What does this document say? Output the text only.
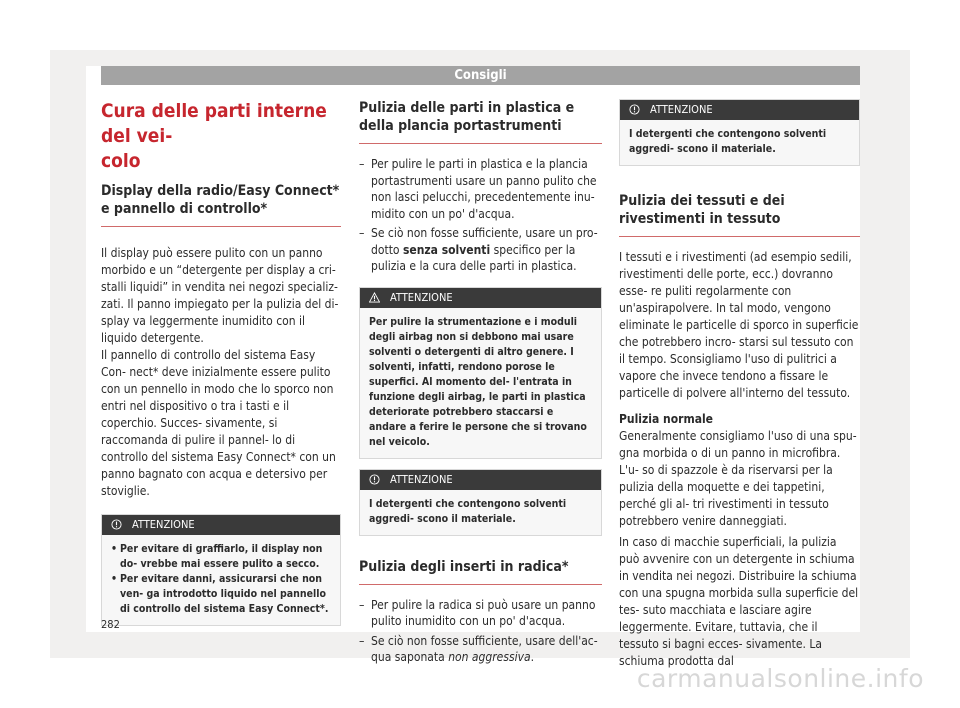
Consigli
Cura delle parti interne del vei-
colo
Display della radio/Easy Connect* e pannello di controllo*

Il display può essere pulito con un panno morbido e un “detergente per display a cri- stalli liquidi” in vendita nei negozi specializ- zati. Il panno impiegato per la pulizia del di- splay va leggermente inumidito con il liquido detergente.

Il pannello di controllo del sistema Easy Con- nect* deve inizialmente essere pulito con un pennello in modo che lo sporco non entri nel dispositivo o tra i tasti e il coperchio. Succes- sivamente, si raccomanda di pulire il pannel- lo di controllo del sistema Easy Connect* con un panno bagnato con acqua e detersivo per stoviglie.

ATTENZIONE
• Per evitare di graffiarlo, il display non do- vrebbe mai essere pulito a secco.
• Per evitare danni, assicurarsi che non ven- ga introdotto liquido nel pannello di controllo del sistema Easy Connect*.
Pulizia delle parti in plastica e della plancia portastrumenti
– Per pulire le parti in plastica e la plancia portastrumenti usare un panno pulito che non lasci pelucchi, precedentemente inu- midito con un po' d'acqua.
– Se ciò non fosse sufficiente, usare un pro- dotto senza solventi specifico per la pulizia e la cura delle parti in plastica.
ATTENZIONE
Per pulire la strumentazione e i moduli degli airbag non si debbono mai usare solventi o detergenti di altro genere. I solventi, infatti, rendono porose le superfici. Al momento del- l'entrata in funzione degli airbag, le parti in plastica deteriorate potrebbero staccarsi e andare a ferire le persone che si trovano nel veicolo.
ATTENZIONE
I detergenti che contengono solventi aggredi- scono il materiale.
Pulizia degli inserti in radica*
– Per pulire la radica si può usare un panno pulito inumidito con un po' d'acqua.
– Se ciò non fosse sufficiente, usare dell'ac- qua saponata non aggressiva.
ATTENZIONE
I detergenti che contengono solventi aggredi- scono il materiale.
Pulizia dei tessuti e dei rivestimenti in tessuto

I tessuti e i rivestimenti (ad esempio sedili, rivestimenti delle porte, ecc.) dovranno esse- re puliti regolarmente con un'aspirapolvere. In tal modo, vengono eliminate le particelle di sporco in superficie che potrebbero incro- starsi sul tessuto con il tempo. Sconsigliamo l'uso di pulitrici a vapore che invece tendono a fissare le particelle di polvere all'interno del tessuto.

Pulizia normale

Generalmente consigliamo l'uso di una spu- gna morbida o di un panno in microfibra. L'u- so di spazzole è da riservarsi per la pulizia della moquette e dei tappetini, perché gli al- tri rivestimenti in tessuto potrebbero venire danneggiati.

In caso di macchie superficiali, la pulizia può avvenire con un detergente in schiuma in vendita nei negozi. Distribuire la schiuma con una spugna morbida sulla superficie del tes- suto macchiata e lasciare agire leggermente. Evitare, tuttavia, che il tessuto si bagni ecces- sivamente. La schiuma prodotta dal

282
carmanualsonline.info
